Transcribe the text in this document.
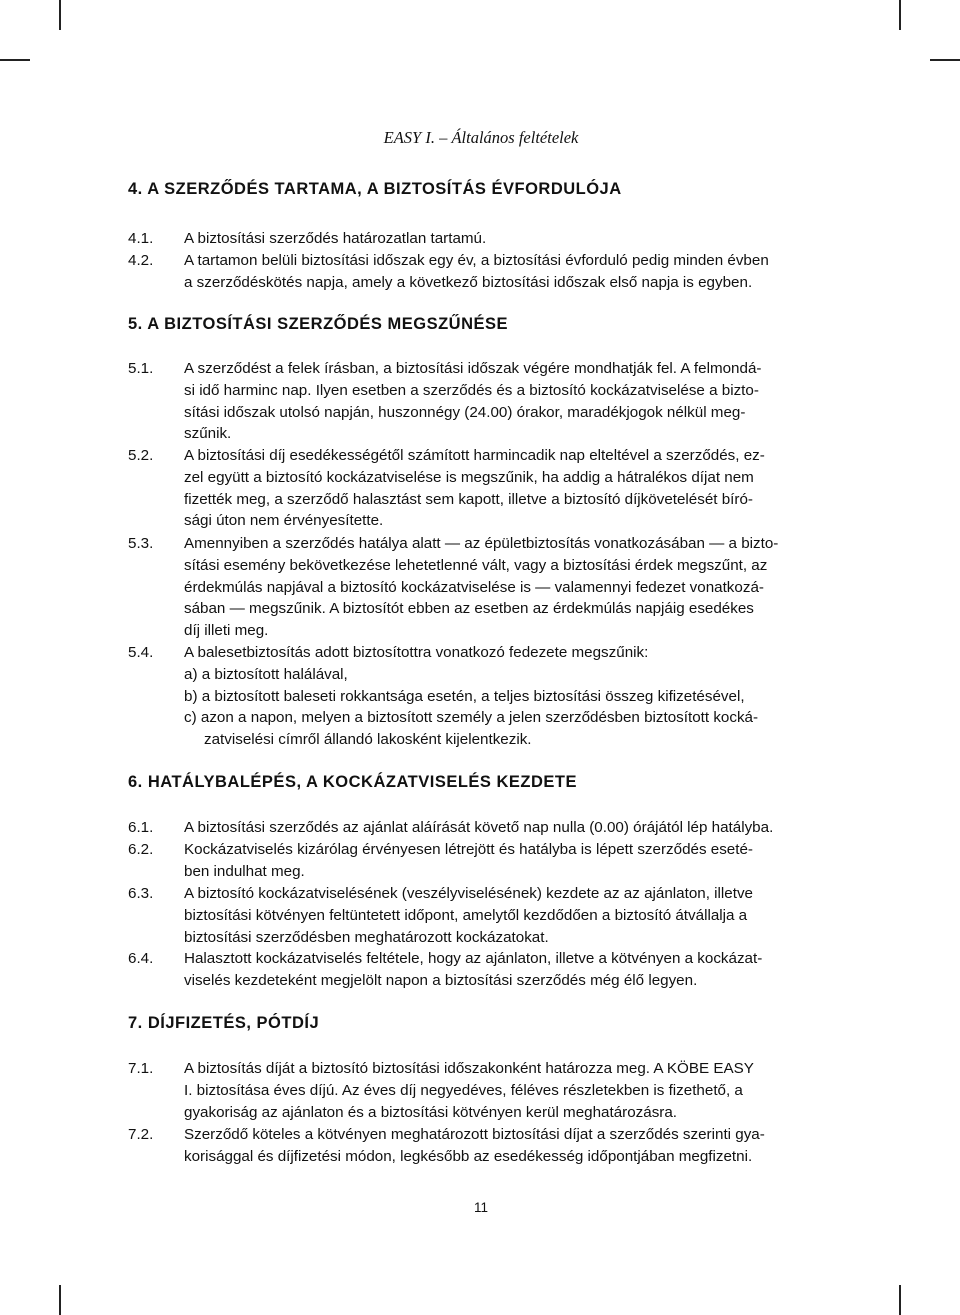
EASY I. – Általános feltételek
4. A SZERZŐDÉS TARTAMA, A BIZTOSÍTÁS ÉVFORDULÓJA
4.1.	A biztosítási szerződés határozatlan tartamú.
4.2.	A tartamon belüli biztosítási időszak egy év, a biztosítási évforduló pedig minden évben
a szerződéskötés napja, amely a következő biztosítási időszak első napja is egyben.
5. A BIZTOSÍTÁSI SZERZŐDÉS MEGSZŰNÉSE
5.1.	A szerződést a felek írásban, a biztosítási időszak végére mondhatják fel. A felmondá-
si idő harminc nap. Ilyen esetben a szerződés és a biztosító kockázatviselése a bizto-
sítási időszak utolsó napján, huszonnégy (24.00) órakor, maradékjogok nélkül meg-
szűnik.
5.2.	A biztosítási díj esedékességétől számított harmincadik nap elteltével a szerződés, ez-
zel együtt a biztosító kockázatviselése is megszűnik, ha addig a hátralékos díjat nem
fizették meg, a szerződő halasztást sem kapott, illetve a biztosító díjkövetelését bíró-
sági úton nem érvényesítette.
5.3.	Amennyiben a szerződés hatálya alatt — az épületbiztosítás vonatkozásában — a bizto-
sítási esemény bekövetkezése lehetetlenné vált, vagy a biztosítási érdek megszűnt, az
érdekmúlás napjával a biztosító kockázatviselése is — valamennyi fedezet vonatkozá-
sában — megszűnik. A biztosítót ebben az esetben az érdekmúlás napjáig esedékes
díj illeti meg.
5.4.	A balesetbiztosítás adott biztosítottra vonatkozó fedezete megszűnik:
a) a biztosított halálával,
b) a biztosított baleseti rokkantsága esetén, a teljes biztosítási összeg kifizetésével,
c) azon a napon, melyen a biztosított személy a jelen szerződésben biztosított kocká-
zatviselési címről állandó lakosként kijelentkezik.
6. HATÁLYBALÉPÉS, A KOCKÁZATVISELÉS KEZDETE
6.1.	A biztosítási szerződés az ajánlat aláírását követő nap nulla (0.00) órájától lép hatályba.
6.2.	Kockázatviselés kizárólag érvényesen létrejött és hatályba is lépett szerződés eseté-
ben indulhat meg.
6.3.	A biztosító kockázatviselésének (veszélyviselésének) kezdete az az ajánlaton, illetve
biztosítási kötvényen feltüntetett időpont, amelytől kezdődően a biztosító átvállalja a
biztosítási szerződésben meghatározott kockázatokat.
6.4.	Halasztott kockázatviselés feltétele, hogy az ajánlaton, illetve a kötvényen a kockázat-
viselés kezdeteként megjelölt napon a biztosítási szerződés még élő legyen.
7. DÍJFIZETÉS, PÓTDÍJ
7.1.	A biztosítás díját a biztosító biztosítási időszakonként határozza meg. A KÖBE EASY
I. biztosítása éves díjú. Az éves díj negyedéves, féléves részletekben is fizethető, a
gyakoriság az ajánlaton és a biztosítási kötvényen kerül meghatározásra.
7.2.	Szerződő köteles a kötvényen meghatározott biztosítási díjat a szerződés szerinti gya-
korisággal és díjfizetési módon, legkésőbb az esedékesség időpontjában megfizetni.
11
